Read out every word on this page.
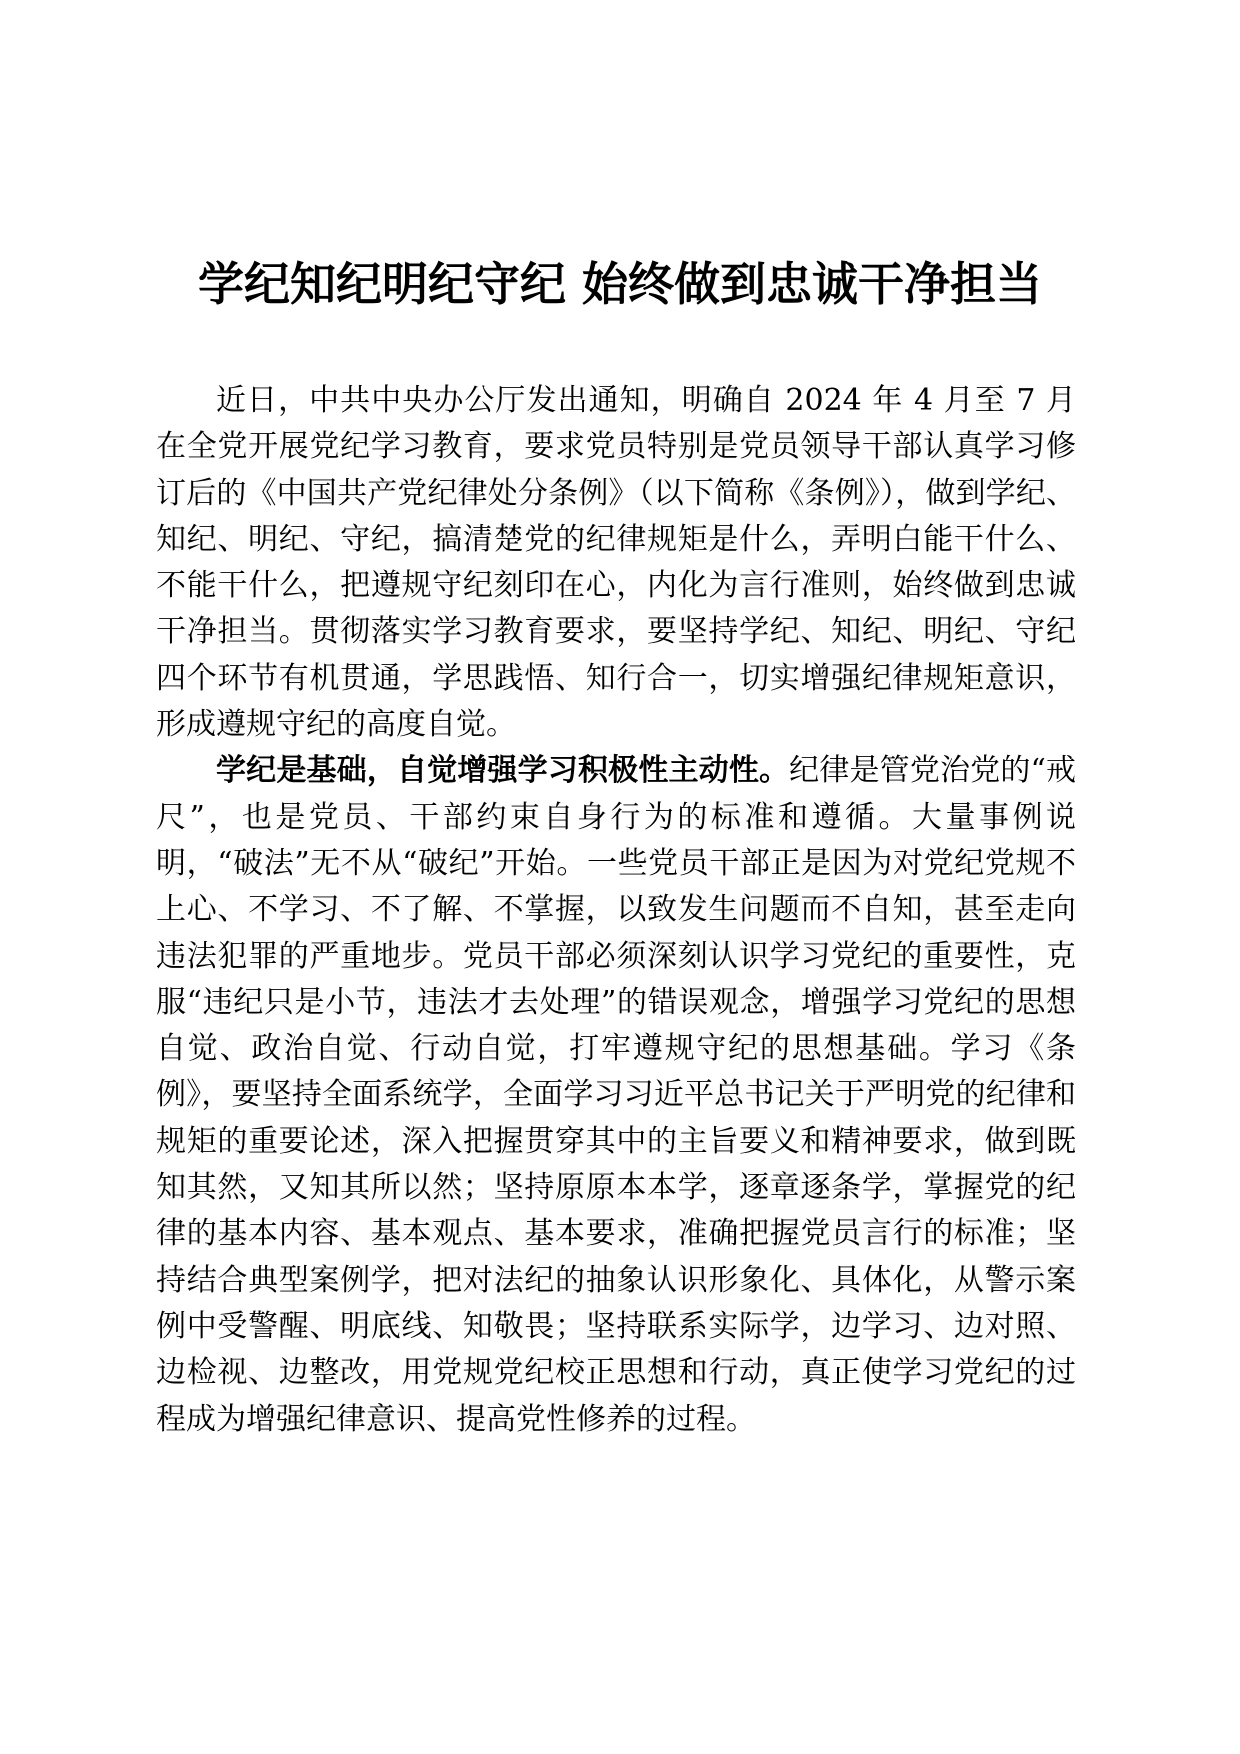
学纪知纪明纪守纪 始终做到忠诚干净担当

近日，中共中央办公厅发出通知，明确自 2024 年 4 月至 7 月在全党开展党纪学习教育，要求党员特别是党员领导干部认真学习修订后的《中国共产党纪律处分条例》（以下简称《条例》），做到学纪、知纪、明纪、守纪，搞清楚党的纪律规矩是什么，弄明白能干什么、不能干什么，把遵规守纪刻印在心，内化为言行准则，始终做到忠诚干净担当。贯彻落实学习教育要求，要坚持学纪、知纪、明纪、守纪四个环节有机贯通，学思践悟、知行合一，切实增强纪律规矩意识，形成遵规守纪的高度自觉。

学纪是基础，自觉增强学习积极性主动性。纪律是管党治党的“戒尺”，也是党员、干部约束自身行为的标准和遵循。大量事例说明，“破法”无不从“破纪”开始。一些党员干部正是因为对党纪党规不上心、不学习、不了解、不掌握，以致发生问题而不自知，甚至走向违法犯罪的严重地步。党员干部必须深刻认识学习党纪的重要性，克服“违纪只是小节，违法才去处理”的错误观念，增强学习党纪的思想自觉、政治自觉、行动自觉，打牢遵规守纪的思想基础。学习《条例》，要坚持全面系统学，全面学习习近平总书记关于严明党的纪律和规矩的重要论述，深入把握贯穿其中的主旨要义和精神要求，做到既知其然，又知其所以然；坚持原原本本学，逐章逐条学，掌握党的纪律的基本内容、基本观点、基本要求，准确把握党员言行的标准；坚持结合典型案例学，把对法纪的抽象认识形象化、具体化，从警示案例中受警醒、明底线、知敬畏；坚持联系实际学，边学习、边对照、边检视、边整改，用党规党纪校正思想和行动，真正使学习党纪的过程成为增强纪律意识、提高党性修养的过程。
